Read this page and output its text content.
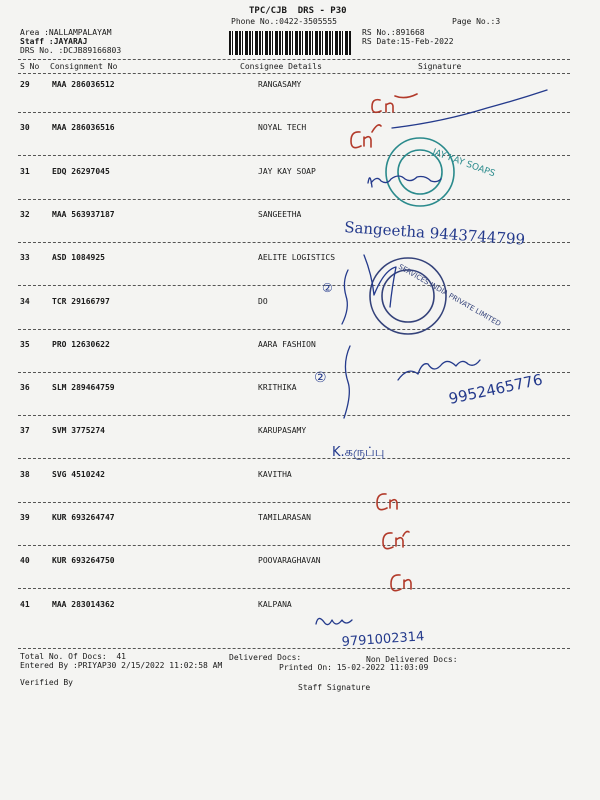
TPC/CJB  DRS - P30
Phone No.:0422-3505555	Page No.:3
Area :NALLAMPALAYAM
Staff :JAYARAJ
DRS No. :DCJB89166803
RS No.:891668
RS Date:15-Feb-2022
S No Consignment No	Consignee Details	Signature
29	MAA 286036512	RANGASAMY
30	MAA 286036516	NOYAL TECH
31	EDQ 26297045	JAY KAY SOAP
32	MAA 563937187	SANGEETHA
33	ASD 1084925	AELITE LOGISTICS
34	TCR 29166797	DO
35	PRO 12630622	AARA FASHION
36	SLM 289464759	KRITHIKA
37	SVM 3775274	KARUPASAMY
38	SVG 4510242	KAVITHA
39	KUR 693264747	TAMILARASAN
40	KUR 693264750	POOVARAGHAVAN
41	MAA 283014362	KALPANA
JAY KAY SOAPS
SERVICES INDIA PRIVATE LIMITED
②
②	9952465776
Sangeetha 9443744799
K.கருப்பு
9791002314
Total No. Of Docs:  41	Delivered Docs:	Non Delivered Docs:
Entered By :PRIYAP30 2/15/2022 11:02:58 AM	Printed On: 15-02-2022 11:03:09
Verified By
Staff Signature
